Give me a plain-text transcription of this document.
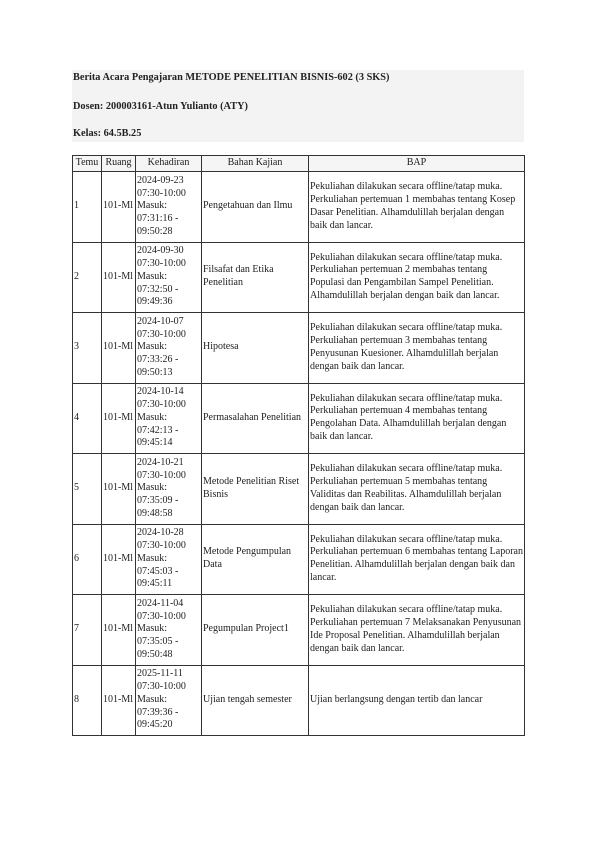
Berita Acara Pengajaran METODE PENELITIAN BISNIS-602 (3 SKS)
Dosen: 200003161-Atun Yulianto (ATY)
Kelas: 64.5B.25
Temu	Ruang	Kehadiran	Bahan Kajian	BAP
1	101-Ml	2024-09-23
07:30-10:00
Masuk:
07:31:16 -
09:50:28	Pengetahuan dan Ilmu	Pekuliahan dilakukan secara offline/tatap muka. Perkuliahan pertemuan 1 membahas tentang Kosep Dasar Penelitian. Alhamdulillah berjalan dengan baik dan lancar.
2	101-Ml	2024-09-30
07:30-10:00
Masuk:
07:32:50 -
09:49:36	Filsafat dan Etika Penelitian	Pekuliahan dilakukan secara offline/tatap muka. Perkuliahan pertemuan 2 membahas tentang Populasi dan Pengambilan Sampel Penelitian. Alhamdulillah berjalan dengan baik dan lancar.
3	101-Ml	2024-10-07
07:30-10:00
Masuk:
07:33:26 -
09:50:13	Hipotesa	Pekuliahan dilakukan secara offline/tatap muka. Perkuliahan pertemuan 3 membahas tentang Penyusunan Kuesioner. Alhamdulillah berjalan dengan baik dan lancar.
4	101-Ml	2024-10-14
07:30-10:00
Masuk:
07:42:13 -
09:45:14	Permasalahan Penelitian	Pekuliahan dilakukan secara offline/tatap muka. Perkuliahan pertemuan 4 membahas tentang Pengolahan Data. Alhamdulillah berjalan dengan baik dan lancar.
5	101-Ml	2024-10-21
07:30-10:00
Masuk:
07:35:09 -
09:48:58	Metode Penelitian Riset Bisnis	Pekuliahan dilakukan secara offline/tatap muka. Perkuliahan pertemuan 5 membahas tentang Validitas dan Reabilitas. Alhamdulillah berjalan dengan baik dan lancar.
6	101-Ml	2024-10-28
07:30-10:00
Masuk:
07:45:03 -
09:45:11	Metode Pengumpulan Data	Pekuliahan dilakukan secara offline/tatap muka. Perkuliahan pertemuan 6 membahas tentang Laporan Penelitian. Alhamdulillah berjalan dengan baik dan lancar.
7	101-Ml	2024-11-04
07:30-10:00
Masuk:
07:35:05 -
09:50:48	Pegumpulan Project1	Pekuliahan dilakukan secara offline/tatap muka. Perkuliahan pertemuan 7 Melaksanakan Penyusunan Ide Proposal Penelitian. Alhamdulillah berjalan dengan baik dan lancar.
8	101-Ml	2025-11-11
07:30-10:00
Masuk:
07:39:36 -
09:45:20	Ujian tengah semester	Ujian berlangsung dengan tertib dan lancar
